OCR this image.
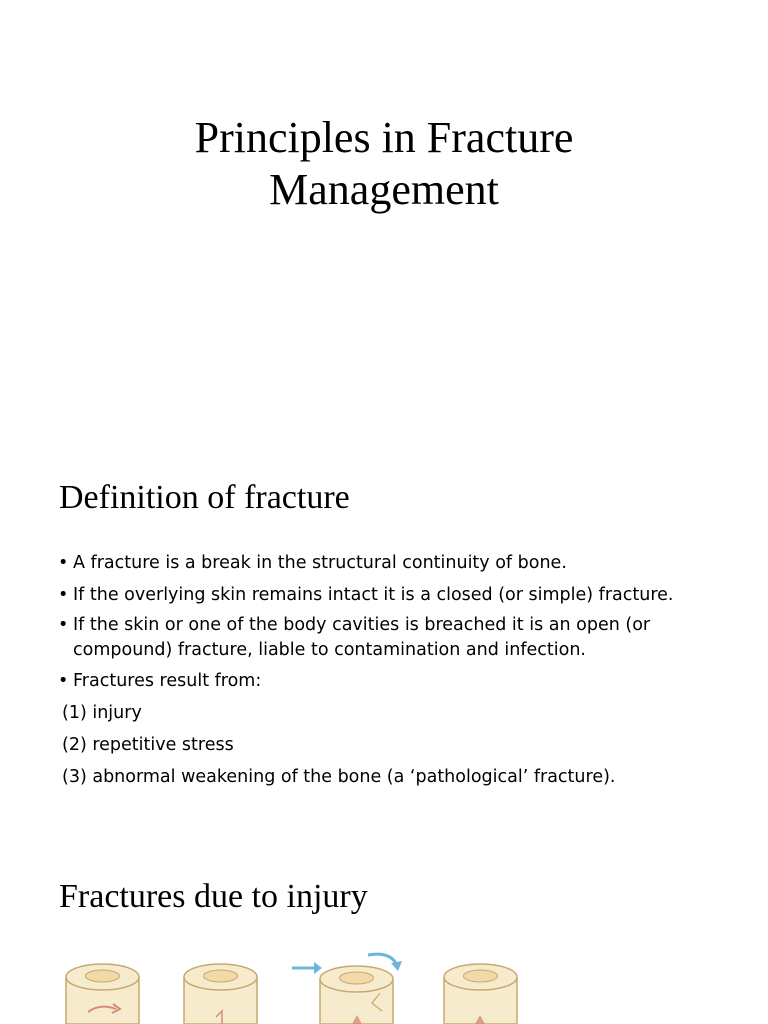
Principles in Fracture
Management
Definition of fracture
• A fracture is a break in the structural continuity of bone.
• If the overlying skin remains intact it is a closed (or simple) fracture.
• If the skin or one of the body cavities is breached it is an open (or compound) fracture, liable to contamination and infection.
• Fractures result from:
(1) injury
(2) repetitive stress
(3) abnormal weakening of the bone (a ‘pathological’ fracture).
Fractures due to injury
